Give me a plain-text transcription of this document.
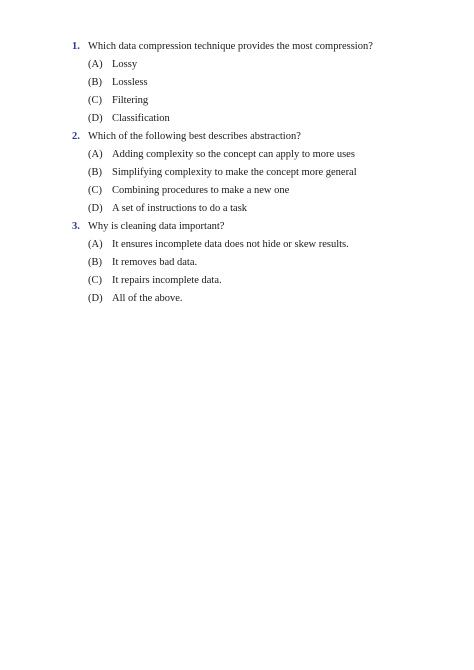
1. Which data compression technique provides the most compression?
(A) Lossy
(B) Lossless
(C) Filtering
(D) Classification
2. Which of the following best describes abstraction?
(A) Adding complexity so the concept can apply to more uses
(B) Simplifying complexity to make the concept more general
(C) Combining procedures to make a new one
(D) A set of instructions to do a task
3. Why is cleaning data important?
(A) It ensures incomplete data does not hide or skew results.
(B) It removes bad data.
(C) It repairs incomplete data.
(D) All of the above.
